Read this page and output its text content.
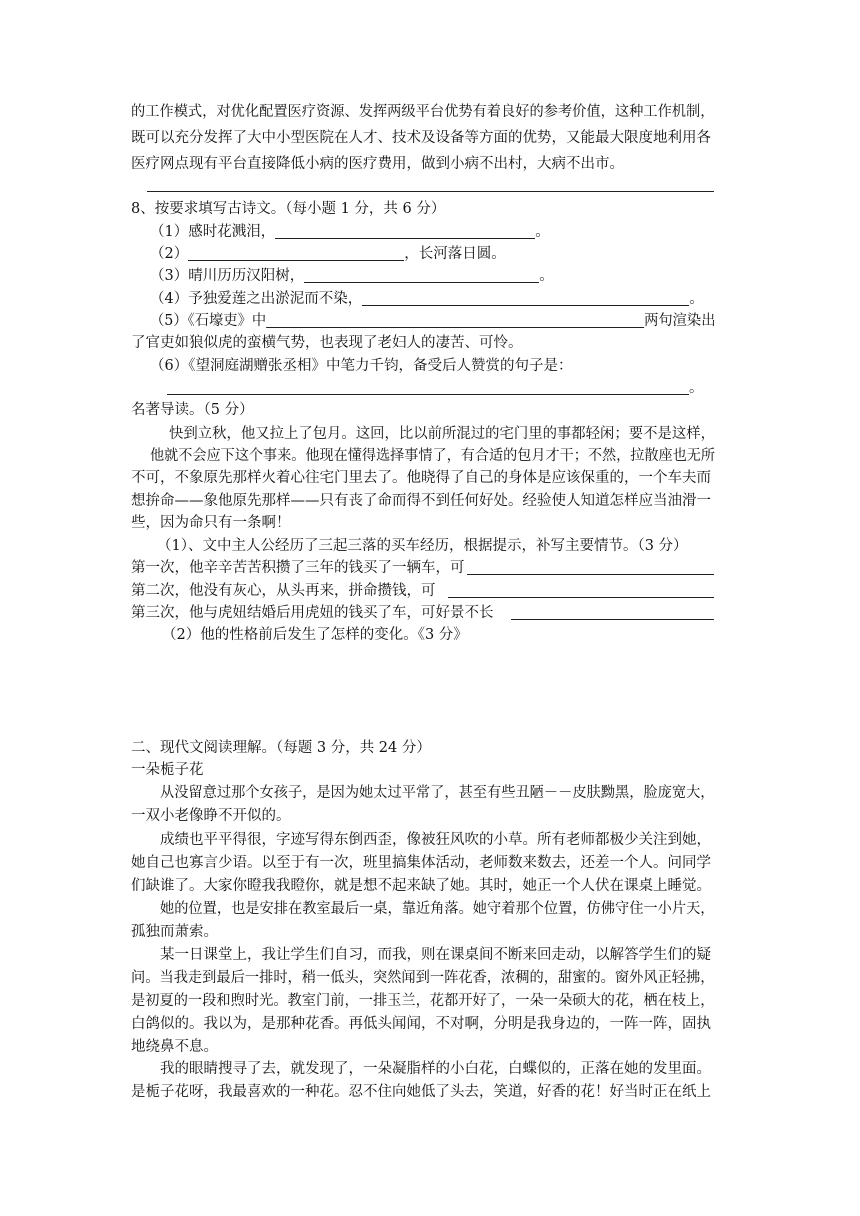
的工作模式，对优化配置医疗资源、发挥两级平台优势有着良好的参考价值，这种工作机制，
既可以充分发挥了大中小型医院在人才、技术及设备等方面的优势，又能最大限度地利用各
医疗网点现有平台直接降低小病的医疗费用，做到小病不出村，大病不出市。
8、按要求填写古诗文。（每小题 1 分，共 6 分）
（1）感时花溅泪，	。
（2）	，长河落日圆。
（3）晴川历历汉阳树，	。
（4）予独爱莲之出淤泥而不染，	。
（5）《石壕吏》中	两句渲染出
了官吏如狼似虎的蛮横气势，也表现了老妇人的凄苦、可怜。
（6）《望洞庭湖赠张丞相》中笔力千钧，备受后人赞赏的句子是：
。
名著导读。（5 分）
快到立秋，他又拉上了包月。这回，比以前所混过的宅门里的事都轻闲；要不是这样，
他就不会应下这个事来。他现在懂得选择事情了，有合适的包月才干；不然，拉散座也无所
不可，不象原先那样火着心往宅门里去了。他晓得了自己的身体是应该保重的，一个车夫而
想拚命——象他原先那样——只有丧了命而得不到任何好处。经验使人知道怎样应当油滑一
些，因为命只有一条啊！
（1）、文中主人公经历了三起三落的买车经历，根据提示，补写主要情节。（3 分）
第一次，他辛辛苦苦积攒了三年的钱买了一辆车，可
第二次，他没有灰心，从头再来，拼命攒钱，可
第三次，他与虎妞结婚后用虎妞的钱买了车，可好景不长
（2）他的性格前后发生了怎样的变化。《3 分》
二、现代文阅读理解。（每题 3 分，共 24 分）
一朵栀子花
从没留意过那个女孩子，是因为她太过平常了，甚至有些丑陋－－皮肤黝黑，脸庞宽大，
一双小老像睁不开似的。
成绩也平平得很，字迹写得东倒西歪，像被狂风吹的小草。所有老师都极少关注到她，
她自己也寡言少语。以至于有一次，班里搞集体活动，老师数来数去，还差一个人。问同学
们缺谁了。大家你瞪我我瞪你，就是想不起来缺了她。其时，她正一个人伏在课桌上睡觉。
她的位置，也是安排在教室最后一桌，靠近角落。她守着那个位置，仿佛守住一小片天，
孤独而萧索。
某一日课堂上，我让学生们自习，而我，则在课桌间不断来回走动，以解答学生们的疑
问。当我走到最后一排时，稍一低头，突然闻到一阵花香，浓稠的，甜蜜的。窗外风正轻拂，
是初夏的一段和煦时光。教室门前，一排玉兰，花都开好了，一朵一朵硕大的花，栖在枝上，
白鸽似的。我以为，是那种花香。再低头闻闻，不对啊，分明是我身边的，一阵一阵，固执
地绕鼻不息。
我的眼睛搜寻了去，就发现了，一朵凝脂样的小白花，白蝶似的，正落在她的发里面。
是栀子花呀，我最喜欢的一种花。忍不住向她低了头去，笑道，好香的花！好当时正在纸上
